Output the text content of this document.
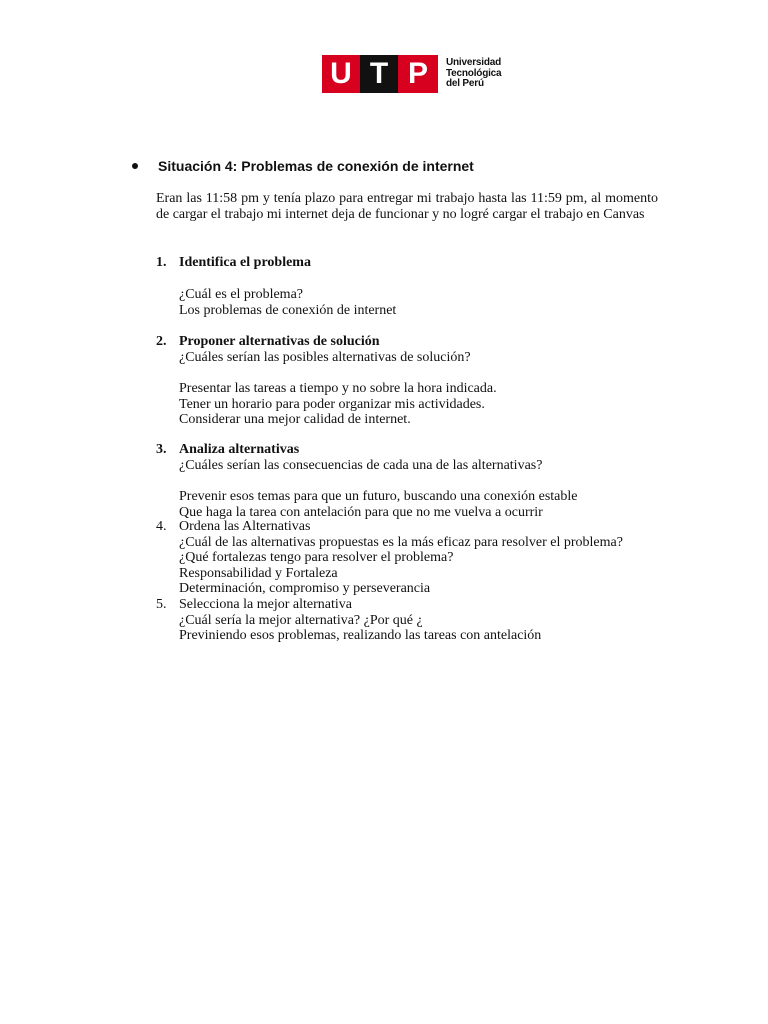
U T P	Universidad
Tecnológica
del Perú
Situación 4: Problemas de conexión de internet
Eran las 11:58 pm y tenía plazo para entregar mi trabajo hasta las 11:59 pm, al momento de cargar el trabajo mi internet deja de funcionar y no logré cargar el trabajo en Canvas
1. Identifica el problema
¿Cuál es el problema?
Los problemas de conexión de internet
2. Proponer alternativas de solución
¿Cuáles serían las posibles alternativas de solución?
Presentar las tareas a tiempo y no sobre la hora indicada.
Tener un horario para poder organizar mis actividades.
Considerar una mejor calidad de internet.
3. Analiza alternativas
¿Cuáles serían las consecuencias de cada una de las alternativas?
Prevenir esos temas para que un futuro, buscando una conexión estable
Que haga la tarea con antelación para que no me vuelva a ocurrir
4. Ordena las Alternativas
¿Cuál de las alternativas propuestas es la más eficaz para resolver el problema?
¿Qué fortalezas tengo para resolver el problema?
Responsabilidad y Fortaleza
Determinación, compromiso y perseverancia
5. Selecciona la mejor alternativa
¿Cuál sería la mejor alternativa? ¿Por qué ¿
Previniendo esos problemas, realizando las tareas con antelación
